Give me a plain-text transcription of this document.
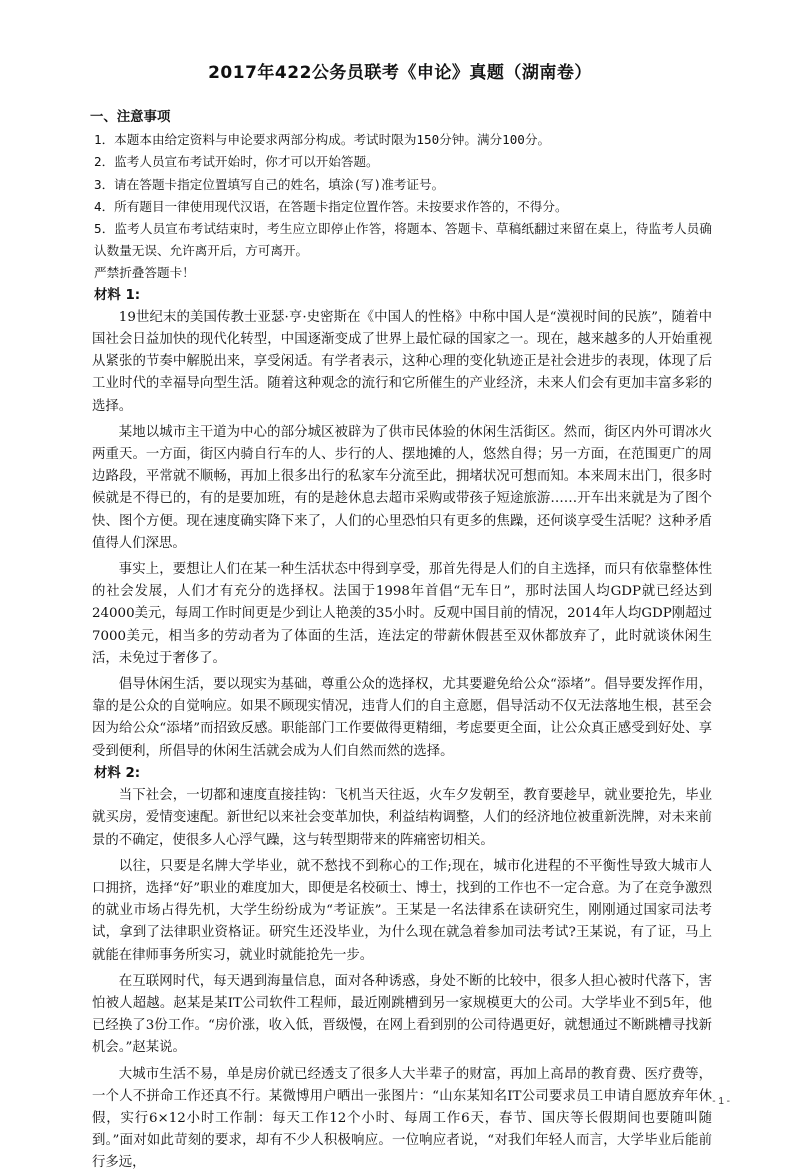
2017年422公务员联考《申论》真题（湖南卷）
一、注意事项

1．本题本由给定资料与申论要求两部分构成。考试时限为150分钟。满分100分。

2．监考人员宣布考试开始时，你才可以开始答题。

3．请在答题卡指定位置填写自己的姓名，填涂(写)准考证号。

4．所有题目一律使用现代汉语，在答题卡指定位置作答。未按要求作答的，不得分。

5．监考人员宣布考试结束时，考生应立即停止作答，将题本、答题卡、草稿纸翻过来留在桌上，待监考人员确认数量无误、允许离开后，方可离开。

严禁折叠答题卡！

材料 1:

19世纪末的美国传教士亚瑟·亨·史密斯在《中国人的性格》中称中国人是“漠视时间的民族”，随着中国社会日益加快的现代化转型，中国逐渐变成了世界上最忙碌的国家之一。现在，越来越多的人开始重视从紧张的节奏中解脱出来，享受闲适。有学者表示，这种心理的变化轨迹正是社会进步的表现，体现了后工业时代的幸福导向型生活。随着这种观念的流行和它所催生的产业经济，未来人们会有更加丰富多彩的选择。

某地以城市主干道为中心的部分城区被辟为了供市民体验的休闲生活街区。然而，街区内外可谓冰火两重天。一方面，街区内骑自行车的人、步行的人、摆地摊的人，悠然自得；另一方面，在范围更广的周边路段，平常就不顺畅，再加上很多出行的私家车分流至此，拥堵状况可想而知。本来周末出门，很多时候就是不得已的，有的是要加班，有的是趁休息去超市采购或带孩子短途旅游……开车出来就是为了图个快、图个方便。现在速度确实降下来了，人们的心里恐怕只有更多的焦躁，还何谈享受生活呢？这种矛盾值得人们深思。

事实上，要想让人们在某一种生活状态中得到享受，那首先得是人们的自主选择，而只有依靠整体性的社会发展，人们才有充分的选择权。法国于1998年首倡“无车日”，那时法国人均GDP就已经达到24000美元，每周工作时间更是少到让人艳羡的35小时。反观中国目前的情况，2014年人均GDP刚超过7000美元，相当多的劳动者为了体面的生活，连法定的带薪休假甚至双休都放弃了，此时就谈休闲生活，未免过于奢侈了。

倡导休闲生活，要以现实为基础，尊重公众的选择权，尤其要避免给公众“添堵”。倡导要发挥作用，靠的是公众的自觉响应。如果不顾现实情况，违背人们的自主意愿，倡导活动不仅无法落地生根，甚至会因为给公众“添堵”而招致反感。职能部门工作要做得更精细，考虑要更全面，让公众真正感受到好处、享受到便利，所倡导的休闲生活就会成为人们自然而然的选择。

材料 2:

当下社会，一切都和速度直接挂钩：飞机当天往返，火车夕发朝至，教育要趁早，就业要抢先，毕业就买房，爱情变速配。新世纪以来社会变革加快，利益结构调整，人们的经济地位被重新洗牌，对未来前景的不确定，使很多人心浮气躁，这与转型期带来的阵痛密切相关。

以往，只要是名牌大学毕业，就不愁找不到称心的工作;现在，城市化进程的不平衡性导致大城市人口拥挤，选择“好”职业的难度加大，即便是名校硕士、博士，找到的工作也不一定合意。为了在竞争激烈的就业市场占得先机，大学生纷纷成为“考证族”。王某是一名法律系在读研究生，刚刚通过国家司法考试，拿到了法律职业资格证。研究生还没毕业，为什么现在就急着参加司法考试?王某说，有了证，马上就能在律师事务所实习，就业时就能抢先一步。

在互联网时代，每天遇到海量信息，面对各种诱惑，身处不断的比较中，很多人担心被时代落下，害怕被人超越。赵某是某IT公司软件工程师，最近刚跳槽到另一家规模更大的公司。大学毕业不到5年，他已经换了3份工作。“房价涨，收入低，晋级慢，在网上看到别的公司待遇更好，就想通过不断跳槽寻找新机会。”赵某说。

大城市生活不易，单是房价就已经透支了很多人大半辈子的财富，再加上高昂的教育费、医疗费等，一个人不拼命工作还真不行。某微博用户晒出一张图片：“山东某知名IT公司要求员工申请自愿放弃年休假，实行6×12小时工作制：每天工作12个小时、每周工作6天，春节、国庆等长假期间也要随叫随到。”面对如此苛刻的要求，却有不少人积极响应。一位响应者说，“对我们年轻人而言，大学毕业后能前行多远，

- 1 -
